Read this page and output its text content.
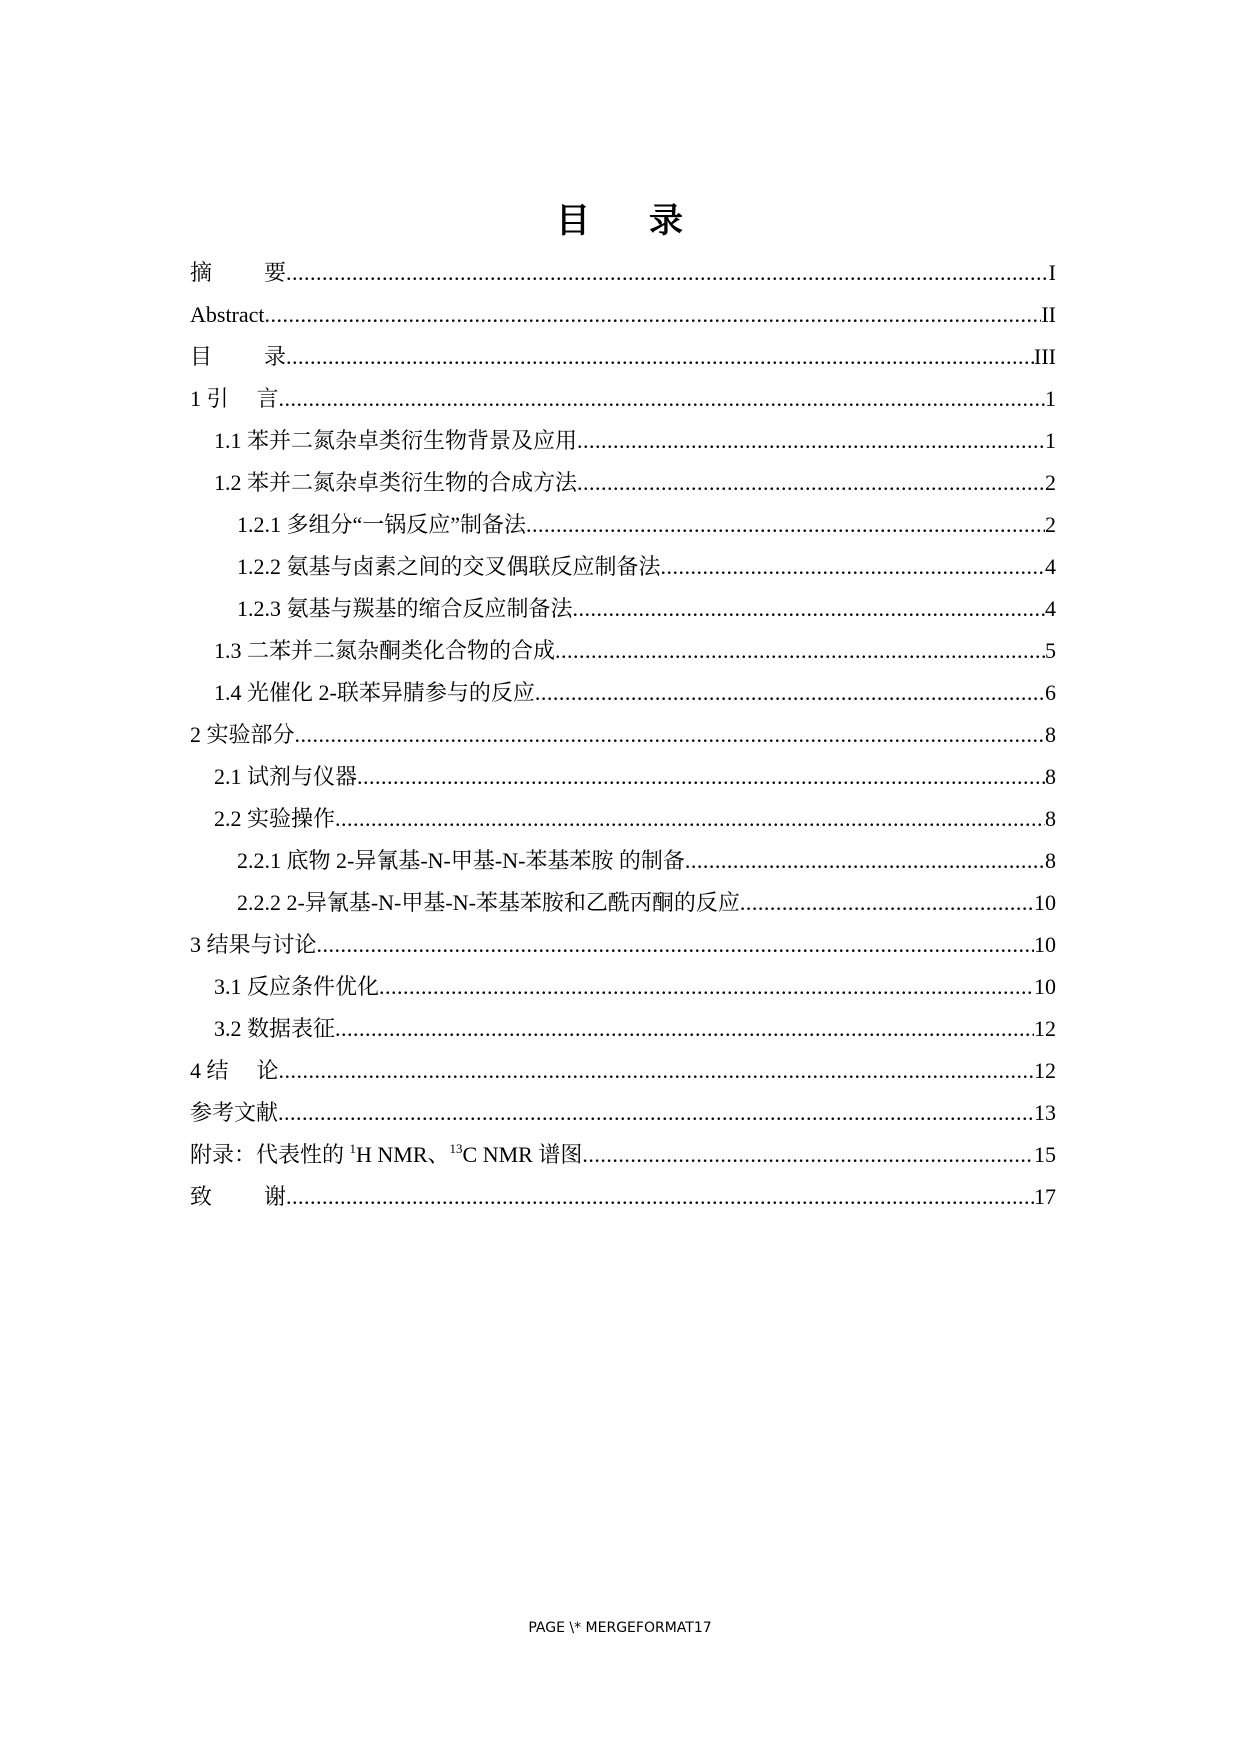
目 录
摘 要 .....	I
Abstract .....	II
目 录 .....	III
1 引 言 .....	1
1.1 苯并二氮杂卓类衍生物背景及应用 .....	1
1.2 苯并二氮杂卓类衍生物的合成方法 .....	2
1.2.1 多组分“一锅反应”制备法 .....	2
1.2.2 氨基与卤素之间的交叉偶联反应制备法 .....	4
1.2.3 氨基与羰基的缩合反应制备法 .....	4
1.3 二苯并二氮杂酮类化合物的合成 .....	5
1.4 光催化 2-联苯异腈参与的反应 .....	6
2 实验部分 .....	8
2.1 试剂与仪器 .....	8
2.2 实验操作 .....	8
2.2.1 底物 2-异氰基-N-甲基-N-苯基苯胺 的制备 .....	8
2.2.2 2-异氰基-N-甲基-N-苯基苯胺和乙酰丙酮的反应 .....	10
3 结果与讨论 .....	10
3.1 反应条件优化 .....	10
3.2 数据表征 .....	12
4 结 论 .....	12
参考文献 .....	13
附录：代表性的 $^1$H NMR、$^{13}$C NMR 谱图 .....	15
致 谢 .....	17
PAGE \* MERGEFORMAT17
